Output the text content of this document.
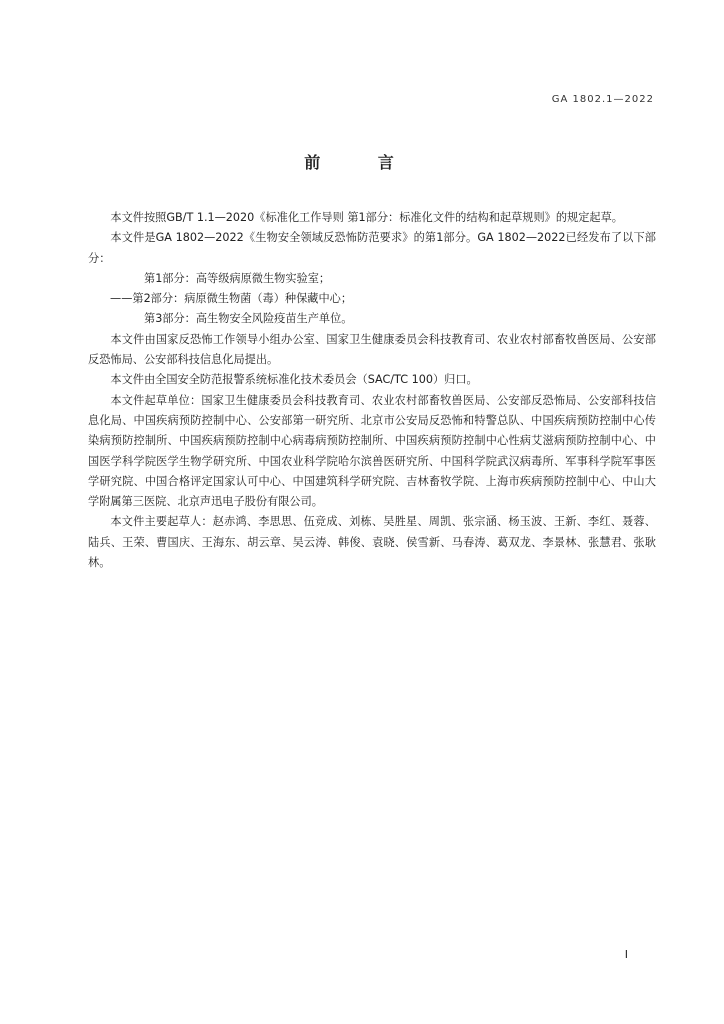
GA 1802.1—2022
前 言

本文件按照GB/T 1.1—2020《标准化工作导则 第1部分：标准化文件的结构和起草规则》的规定起草。

本文件是GA 1802—2022《生物安全领域反恐怖防范要求》的第1部分。GA 1802—2022已经发布了以下部分：

第1部分：高等级病原微生物实验室；

——第2部分：病原微生物菌（毒）种保藏中心；

第3部分：高生物安全风险疫苗生产单位。

本文件由国家反恐怖工作领导小组办公室、国家卫生健康委员会科技教育司、农业农村部畜牧兽医局、公安部反恐怖局、公安部科技信息化局提出。

本文件由全国安全防范报警系统标准化技术委员会（SAC/TC 100）归口。

本文件起草单位：国家卫生健康委员会科技教育司、农业农村部畜牧兽医局、公安部反恐怖局、公安部科技信息化局、中国疾病预防控制中心、公安部第一研究所、北京市公安局反恐怖和特警总队、中国疾病预防控制中心传染病预防控制所、中国疾病预防控制中心病毒病预防控制所、中国疾病预防控制中心性病艾滋病预防控制中心、中国医学科学院医学生物学研究所、中国农业科学院哈尔滨兽医研究所、中国科学院武汉病毒所、军事科学院军事医学研究院、中国合格评定国家认可中心、中国建筑科学研究院、吉林畜牧学院、上海市疾病预防控制中心、中山大学附属第三医院、北京声迅电子股份有限公司。

本文件主要起草人：赵赤鸿、李思思、伍竞成、刘栋、吴胜星、周凯、张宗涵、杨玉波、王新、李红、聂蓉、陆兵、王荣、曹国庆、王海东、胡云章、吴云涛、韩俊、袁晓、侯雪新、马春涛、葛双龙、李景林、张慧君、张耿林。

I
